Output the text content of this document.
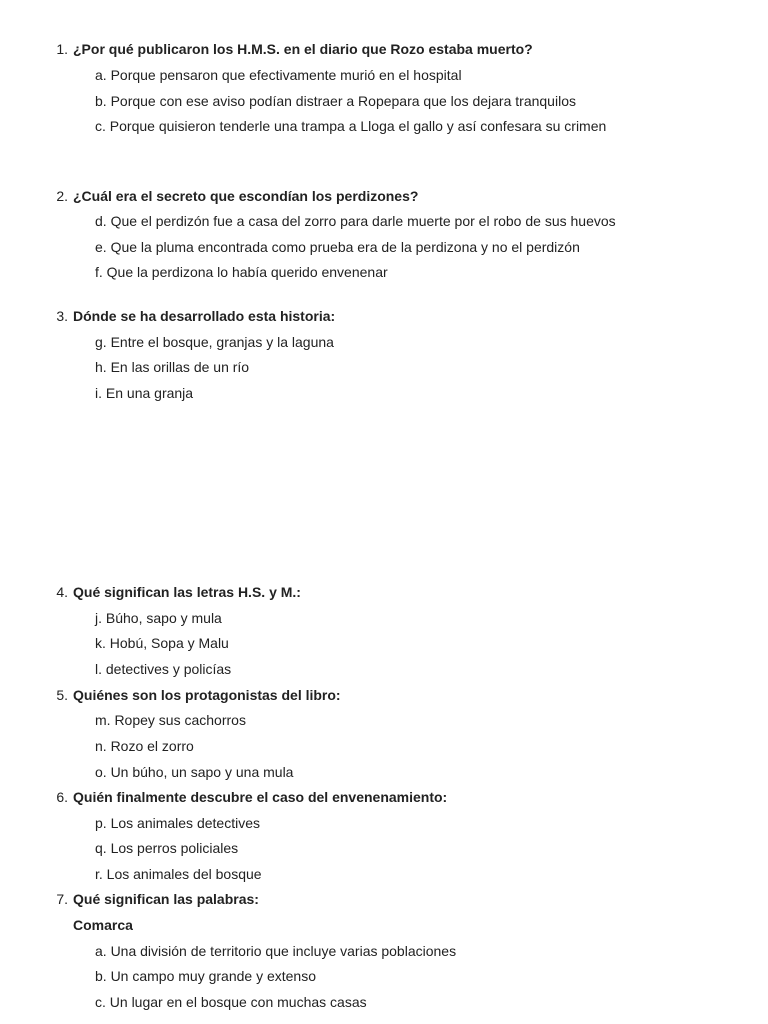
1. ¿Por qué publicaron los H.M.S. en el diario que Rozo estaba muerto?
a. Porque pensaron que efectivamente murió en el hospital
b. Porque con ese aviso podían distraer a Ropepara que los dejara tranquilos
c. Porque quisieron tenderle una trampa a Lloga el gallo y así confesara su crimen
2. ¿Cuál era el secreto que escondían los perdizones?
d. Que el perdizón fue a casa del zorro para darle muerte por el robo de sus huevos
e. Que la pluma encontrada como prueba era de la perdizona y no el perdizón
f. Que la perdizona lo había querido envenenar
3. Dónde se ha desarrollado esta historia:
g. Entre el bosque, granjas y la laguna
h. En las orillas de un río
i. En una granja
4. Qué significan las letras H.S. y M.:
j. Búho, sapo y mula
k. Hobú, Sopa y Malu
l. detectives y policías
5. Quiénes son los protagonistas del libro:
m. Ropey sus cachorros
n. Rozo el zorro
o. Un búho, un sapo y una mula
6. Quién finalmente descubre el caso del envenenamiento:
p. Los animales detectives
q. Los perros policiales
r. Los animales del bosque
7. Qué significan las palabras:
Comarca
a. Una división de territorio que incluye varias poblaciones
b. Un campo muy grande y extenso
c. Un lugar en el bosque con muchas casas
